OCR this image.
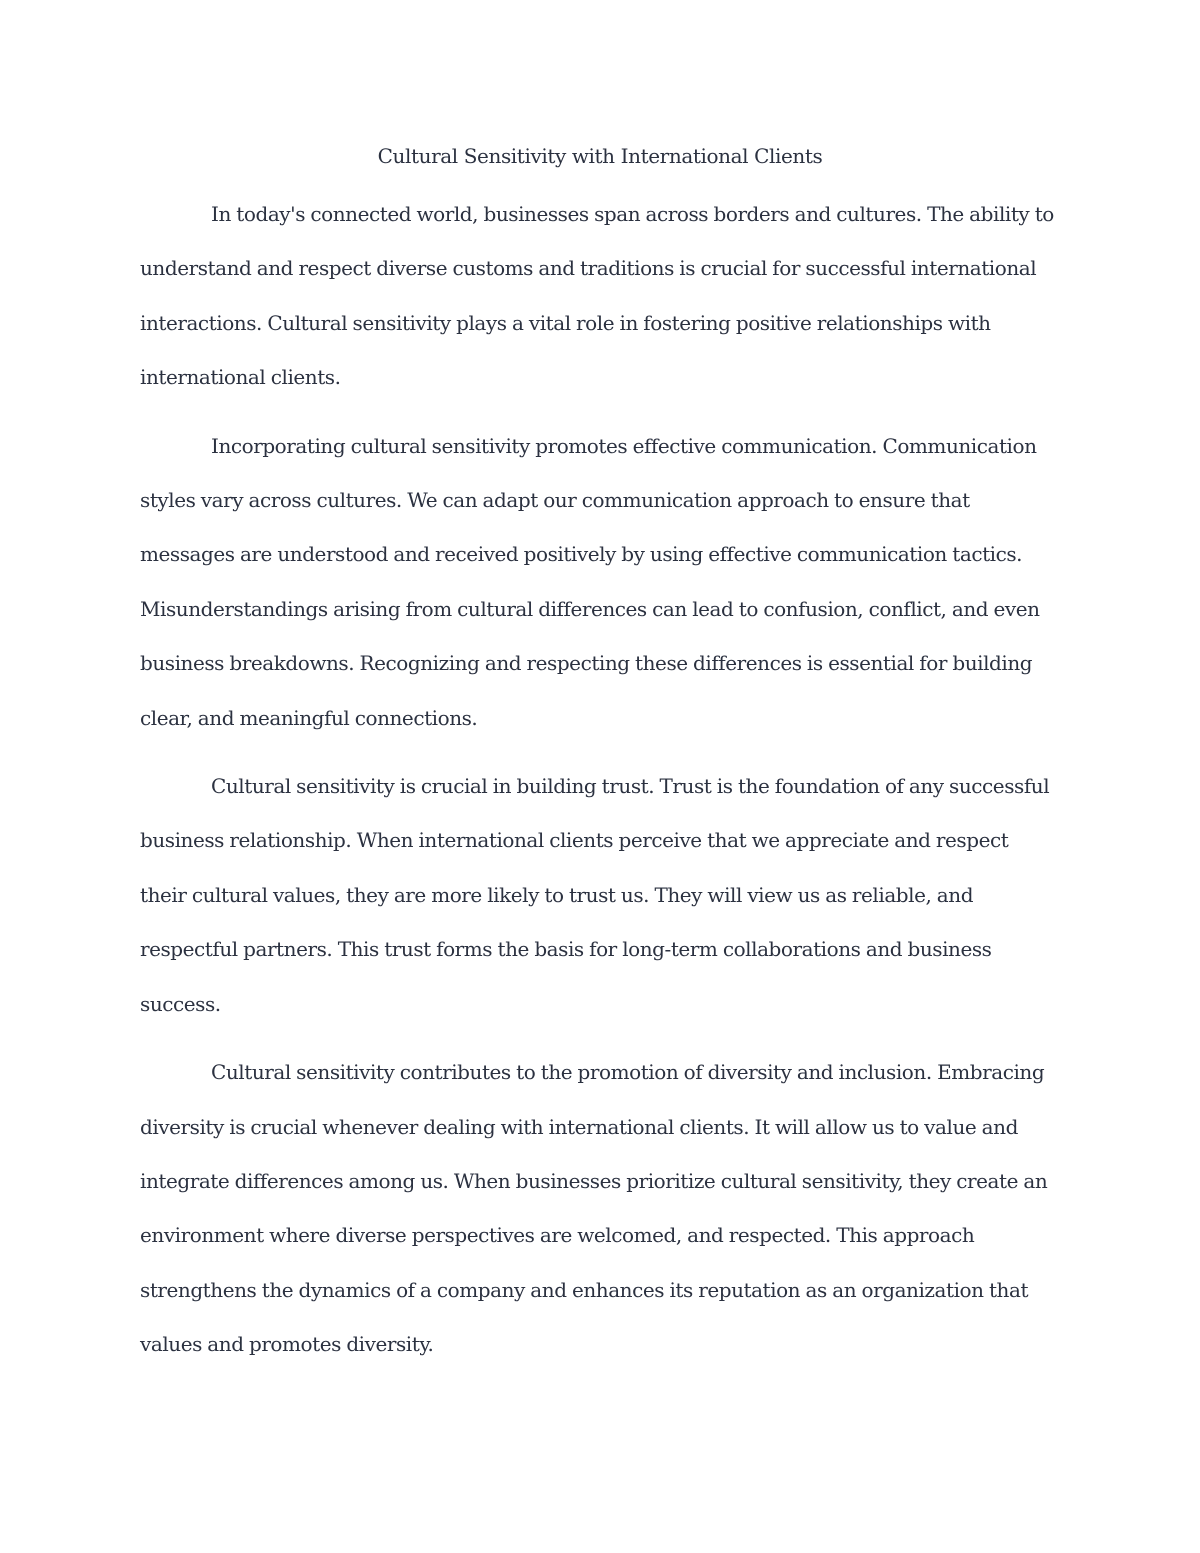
Cultural Sensitivity with International Clients

In today's connected world, businesses span across borders and cultures. The ability to understand and respect diverse customs and traditions is crucial for successful international interactions. Cultural sensitivity plays a vital role in fostering positive relationships with international clients.

Incorporating cultural sensitivity promotes effective communication. Communication styles vary across cultures. We can adapt our communication approach to ensure that messages are understood and received positively by using effective communication tactics. Misunderstandings arising from cultural differences can lead to confusion, conflict, and even business breakdowns. Recognizing and respecting these differences is essential for building clear, and meaningful connections.

Cultural sensitivity is crucial in building trust. Trust is the foundation of any successful business relationship. When international clients perceive that we appreciate and respect their cultural values, they are more likely to trust us. They will view us as reliable, and respectful partners. This trust forms the basis for long-term collaborations and business success.

Cultural sensitivity contributes to the promotion of diversity and inclusion. Embracing diversity is crucial whenever dealing with international clients. It will allow us to value and integrate differences among us. When businesses prioritize cultural sensitivity, they create an environment where diverse perspectives are welcomed, and respected. This approach strengthens the dynamics of a company and enhances its reputation as an organization that values and promotes diversity.
